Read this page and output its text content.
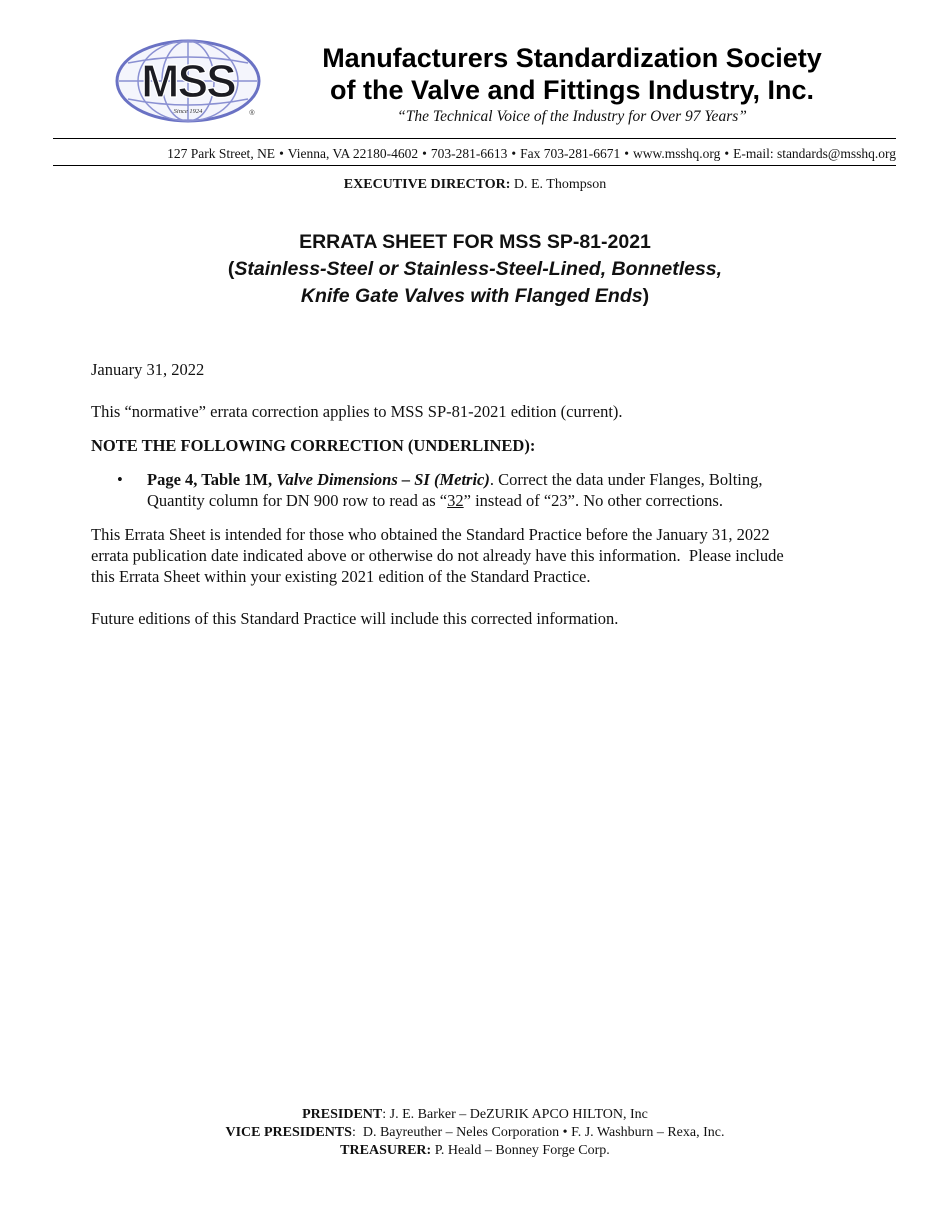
MSS
Since 1924	®
Manufacturers Standardization Society
of the Valve and Fittings Industry, Inc.
“The Technical Voice of the Industry for Over 97 Years”
127 Park Street, NE • Vienna, VA 22180-4602 • 703-281-6613 • Fax 703-281-6671 • www.msshq.org • E-mail: standards@msshq.org
EXECUTIVE DIRECTOR: D. E. Thompson
ERRATA SHEET FOR MSS SP-81-2021
(Stainless-Steel or Stainless-Steel-Lined, Bonnetless,
Knife Gate Valves with Flanged Ends)

January 31, 2022

This “normative” errata correction applies to MSS SP-81-2021 edition (current).

NOTE THE FOLLOWING CORRECTION (UNDERLINED):

• Page 4, Table 1M, Valve Dimensions – SI (Metric). Correct the data under Flanges, Bolting,
Quantity column for DN 900 row to read as “32” instead of “23”. No other corrections.
This Errata Sheet is intended for those who obtained the Standard Practice before the January 31, 2022
errata publication date indicated above or otherwise do not already have this information.  Please include
this Errata Sheet within your existing 2021 edition of the Standard Practice.

Future editions of this Standard Practice will include this corrected information.

PRESIDENT: J. E. Barker – DeZURIK APCO HILTON, Inc
VICE PRESIDENTS:  D. Bayreuther – Neles Corporation • F. J. Washburn – Rexa, Inc.
TREASURER: P. Heald – Bonney Forge Corp.
